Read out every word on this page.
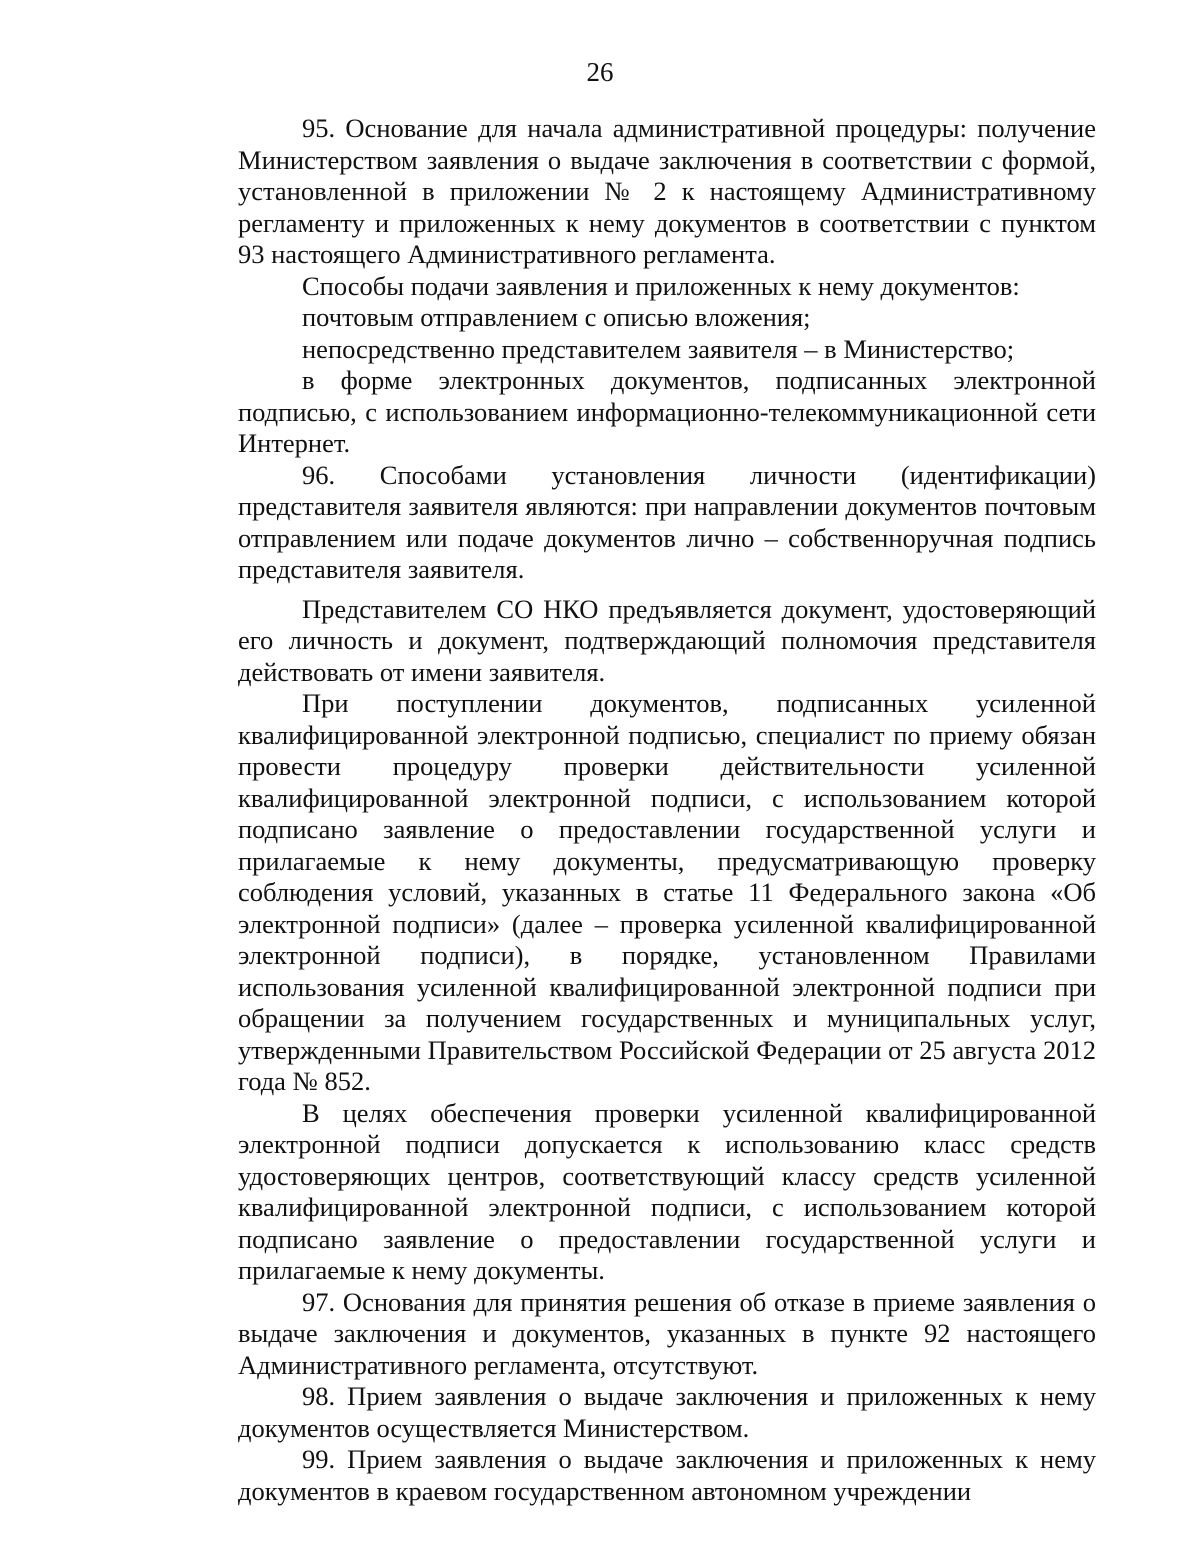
26

95. Основание для начала административной процедуры: получение Министерством заявления о выдаче заключения в соответствии с формой, установленной в приложении № 2 к настоящему Административному регламенту и приложенных к нему документов в соответствии с пунктом 93 настоящего Административного регламента.

Способы подачи заявления и приложенных к нему документов:

почтовым отправлением с описью вложения;

непосредственно представителем заявителя – в Министерство;

в форме электронных документов, подписанных электронной подписью, с использованием информационно-телекоммуникационной сети Интернет.

96. Способами установления личности (идентификации) представителя заявителя являются: при направлении документов почтовым отправлением или подаче документов лично – собственноручная подпись представителя заявителя.

Представителем СО НКО предъявляется документ, удостоверяющий его личность и документ, подтверждающий полномочия представителя действовать от имени заявителя.

При поступлении документов, подписанных усиленной квалифицированной электронной подписью, специалист по приему обязан провести процедуру проверки действительности усиленной квалифицированной электронной подписи, с использованием которой подписано заявление о предоставлении государственной услуги и прилагаемые к нему документы, предусматривающую проверку соблюдения условий, указанных в статье 11 Федерального закона «Об электронной подписи» (далее – проверка усиленной квалифицированной электронной подписи), в порядке, установленном Правилами использования усиленной квалифицированной электронной подписи при обращении за получением государственных и муниципальных услуг, утвержденными Правительством Российской Федерации от 25 августа 2012 года № 852.

В целях обеспечения проверки усиленной квалифицированной электронной подписи допускается к использованию класс средств удостоверяющих центров, соответствующий классу средств усиленной квалифицированной электронной подписи, с использованием которой подписано заявление о предоставлении государственной услуги и прилагаемые к нему документы.

97. Основания для принятия решения об отказе в приеме заявления о выдаче заключения и документов, указанных в пункте 92 настоящего Административного регламента, отсутствуют.

98. Прием заявления о выдаче заключения и приложенных к нему документов осуществляется Министерством.

99. Прием заявления о выдаче заключения и приложенных к нему документов в краевом государственном автономном учреждении
